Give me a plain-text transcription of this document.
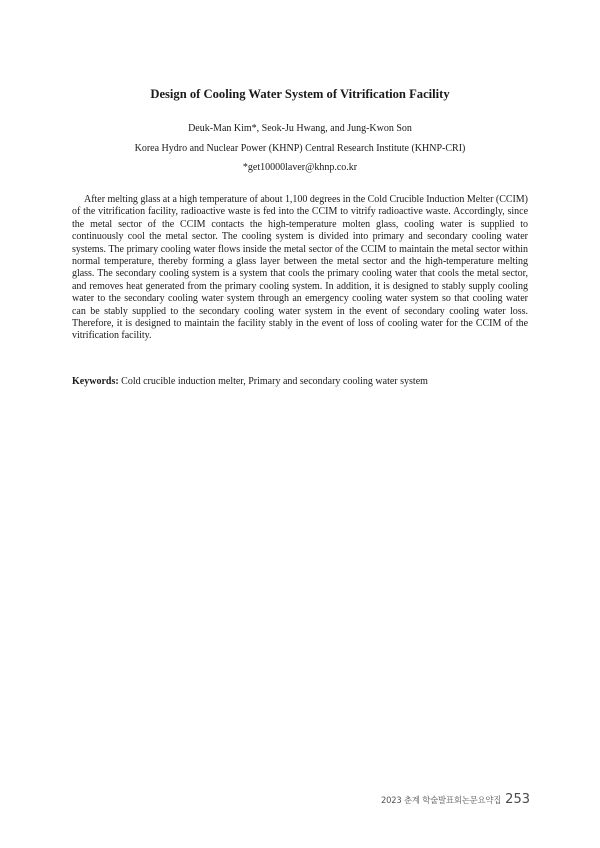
Design of Cooling Water System of Vitrification Facility
Deuk-Man Kim*, Seok-Ju Hwang, and Jung-Kwon Son
Korea Hydro and Nuclear Power (KHNP) Central Research Institute (KHNP-CRI)
*get10000laver@khnp.co.kr

After melting glass at a high temperature of about 1,100 degrees in the Cold Crucible Induction Melter (CCIM) of the vitrification facility, radioactive waste is fed into the CCIM to vitrify radioactive waste. Accordingly, since the metal sector of the CCIM contacts the high-temperature molten glass, cooling water is supplied to continuously cool the metal sector. The cooling system is divided into primary and secondary cooling water systems. The primary cooling water flows inside the metal sector of the CCIM to maintain the metal sector within normal temperature, thereby forming a glass layer between the metal sector and the high-temperature melting glass. The secondary cooling system is a system that cools the primary cooling water that cools the metal sector, and removes heat generated from the primary cooling system. In addition, it is designed to stably supply cooling water to the secondary cooling water system through an emergency cooling water system so that cooling water can be stably supplied to the secondary cooling water system in the event of secondary cooling water loss. Therefore, it is designed to maintain the facility stably in the event of loss of cooling water for the CCIM of the vitrification facility.

Keywords: Cold crucible induction melter, Primary and secondary cooling water system

2023 춘계 학술발표회논문요약집 253
